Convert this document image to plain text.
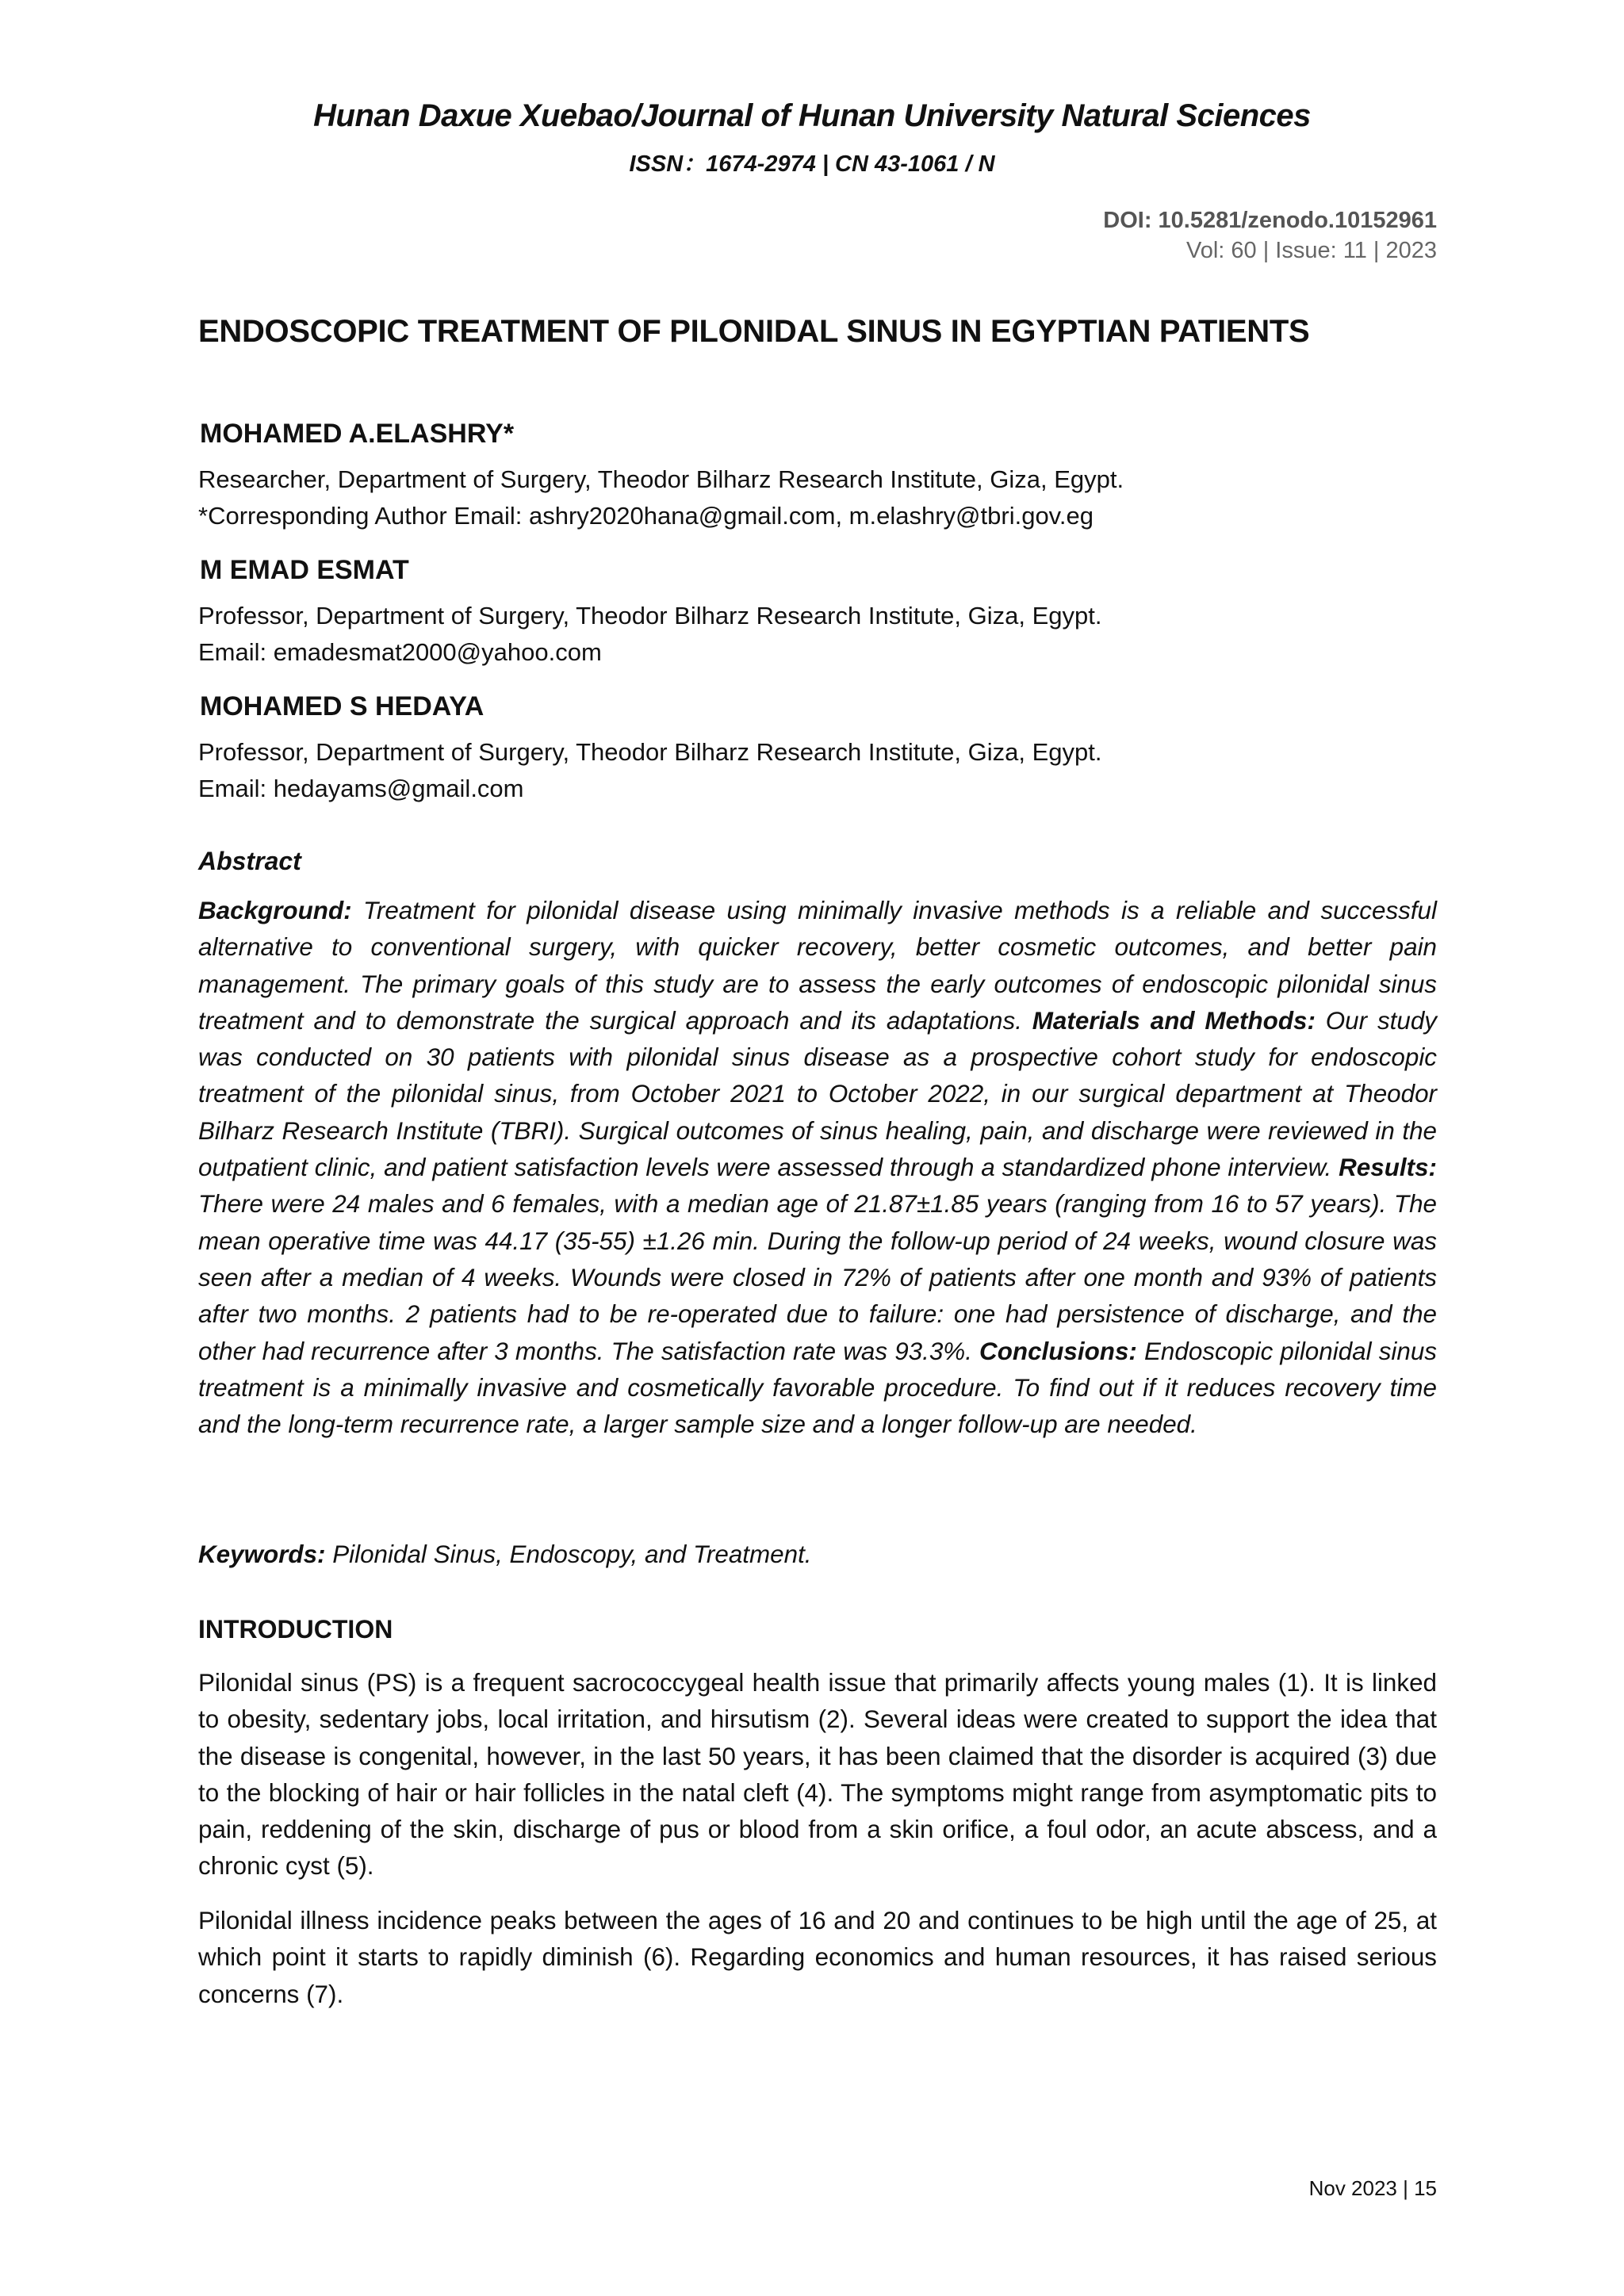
Hunan Daxue Xuebao/Journal of Hunan University Natural Sciences
ISSN：1674-2974 | CN 43-1061 / N
DOI: 10.5281/zenodo.10152961
Vol: 60 | Issue: 11 | 2023
ENDOSCOPIC TREATMENT OF PILONIDAL SINUS IN EGYPTIAN PATIENTS
MOHAMED A.ELASHRY*

Researcher, Department of Surgery, Theodor Bilharz Research Institute, Giza, Egypt.

*Corresponding Author Email: ashry2020hana@gmail.com, m.elashry@tbri.gov.eg

M EMAD ESMAT

Professor, Department of Surgery, Theodor Bilharz Research Institute, Giza, Egypt.

Email: emadesmat2000@yahoo.com

MOHAMED S HEDAYA

Professor, Department of Surgery, Theodor Bilharz Research Institute, Giza, Egypt.

Email: hedayams@gmail.com

Abstract
Background: Treatment for pilonidal disease using minimally invasive methods is a reliable and successful alternative to conventional surgery, with quicker recovery, better cosmetic outcomes, and better pain management. The primary goals of this study are to assess the early outcomes of endoscopic pilonidal sinus treatment and to demonstrate the surgical approach and its adaptations. Materials and Methods: Our study was conducted on 30 patients with pilonidal sinus disease as a prospective cohort study for endoscopic treatment of the pilonidal sinus, from October 2021 to October 2022, in our surgical department at Theodor Bilharz Research Institute (TBRI). Surgical outcomes of sinus healing, pain, and discharge were reviewed in the outpatient clinic, and patient satisfaction levels were assessed through a standardized phone interview. Results: There were 24 males and 6 females, with a median age of 21.87±1.85 years (ranging from 16 to 57 years). The mean operative time was 44.17 (35-55) ±1.26 min. During the follow-up period of 24 weeks, wound closure was seen after a median of 4 weeks. Wounds were closed in 72% of patients after one month and 93% of patients after two months. 2 patients had to be re-operated due to failure: one had persistence of discharge, and the other had recurrence after 3 months. The satisfaction rate was 93.3%. Conclusions: Endoscopic pilonidal sinus treatment is a minimally invasive and cosmetically favorable procedure. To find out if it reduces recovery time and the long-term recurrence rate, a larger sample size and a longer follow-up are needed.
Keywords: Pilonidal Sinus, Endoscopy, and Treatment.
INTRODUCTION
Pilonidal sinus (PS) is a frequent sacrococcygeal health issue that primarily affects young males (1). It is linked to obesity, sedentary jobs, local irritation, and hirsutism (2). Several ideas were created to support the idea that the disease is congenital, however, in the last 50 years, it has been claimed that the disorder is acquired (3) due to the blocking of hair or hair follicles in the natal cleft (4). The symptoms might range from asymptomatic pits to pain, reddening of the skin, discharge of pus or blood from a skin orifice, a foul odor, an acute abscess, and a chronic cyst (5).
Pilonidal illness incidence peaks between the ages of 16 and 20 and continues to be high until the age of 25, at which point it starts to rapidly diminish (6). Regarding economics and human resources, it has raised serious concerns (7).
Nov 2023 | 15
